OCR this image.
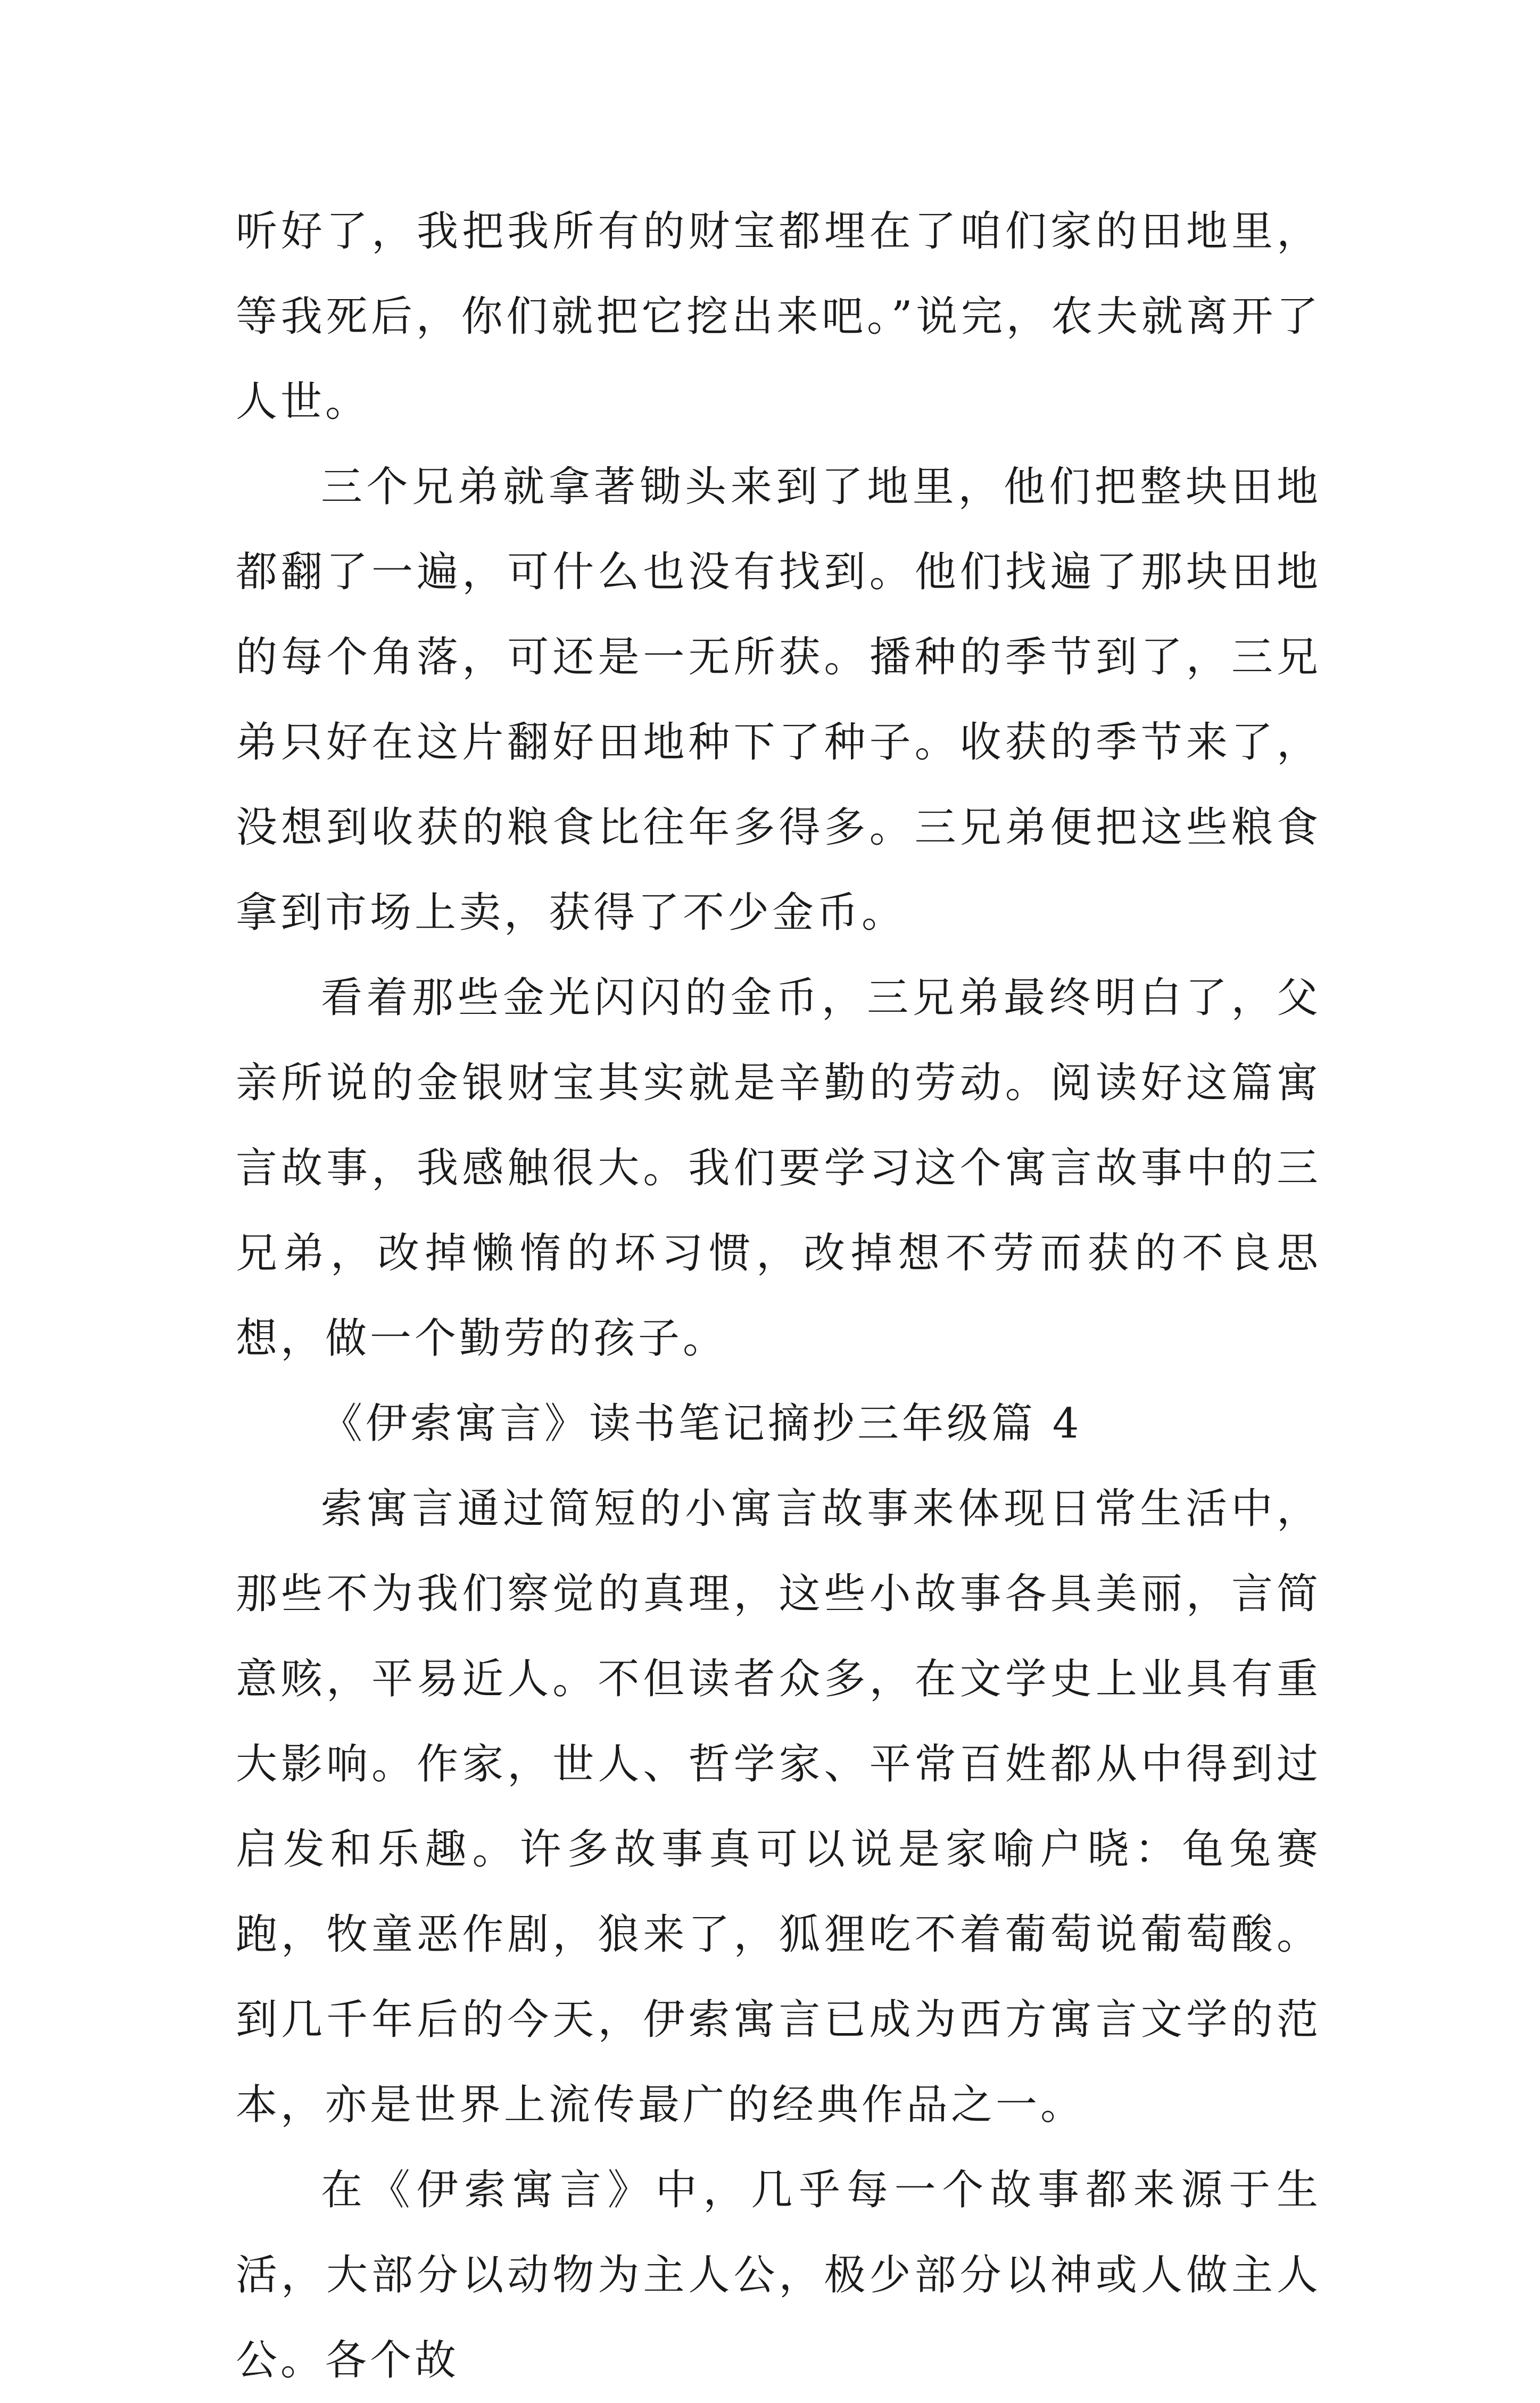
听好了，我把我所有的财宝都埋在了咱们家的田地里，等我死后，你们就把它挖出来吧。”说完，农夫就离开了人世。

三个兄弟就拿著锄头来到了地里，他们把整块田地都翻了一遍，可什么也没有找到。他们找遍了那块田地的每个角落，可还是一无所获。播种的季节到了，三兄弟只好在这片翻好田地种下了种子。收获的季节来了，没想到收获的粮食比往年多得多。三兄弟便把这些粮食拿到市场上卖，获得了不少金币。

看着那些金光闪闪的金币，三兄弟最终明白了，父亲所说的金银财宝其实就是辛勤的劳动。阅读好这篇寓言故事，我感触很大。我们要学习这个寓言故事中的三兄弟，改掉懒惰的坏习惯，改掉想不劳而获的不良思想，做一个勤劳的孩子。

《伊索寓言》读书笔记摘抄三年级篇 4

索寓言通过简短的小寓言故事来体现日常生活中，那些不为我们察觉的真理，这些小故事各具美丽，言简意赅，平易近人。不但读者众多，在文学史上业具有重大影响。作家，世人、哲学家、平常百姓都从中得到过启发和乐趣。许多故事真可以说是家喻户晓：龟兔赛跑，牧童恶作剧，狼来了，狐狸吃不着葡萄说葡萄酸。到几千年后的今天，伊索寓言已成为西方寓言文学的范本，亦是世界上流传最广的经典作品之一。

在《伊索寓言》中，几乎每一个故事都来源于生活，大部分以动物为主人公，极少部分以神或人做主人公。各个故
